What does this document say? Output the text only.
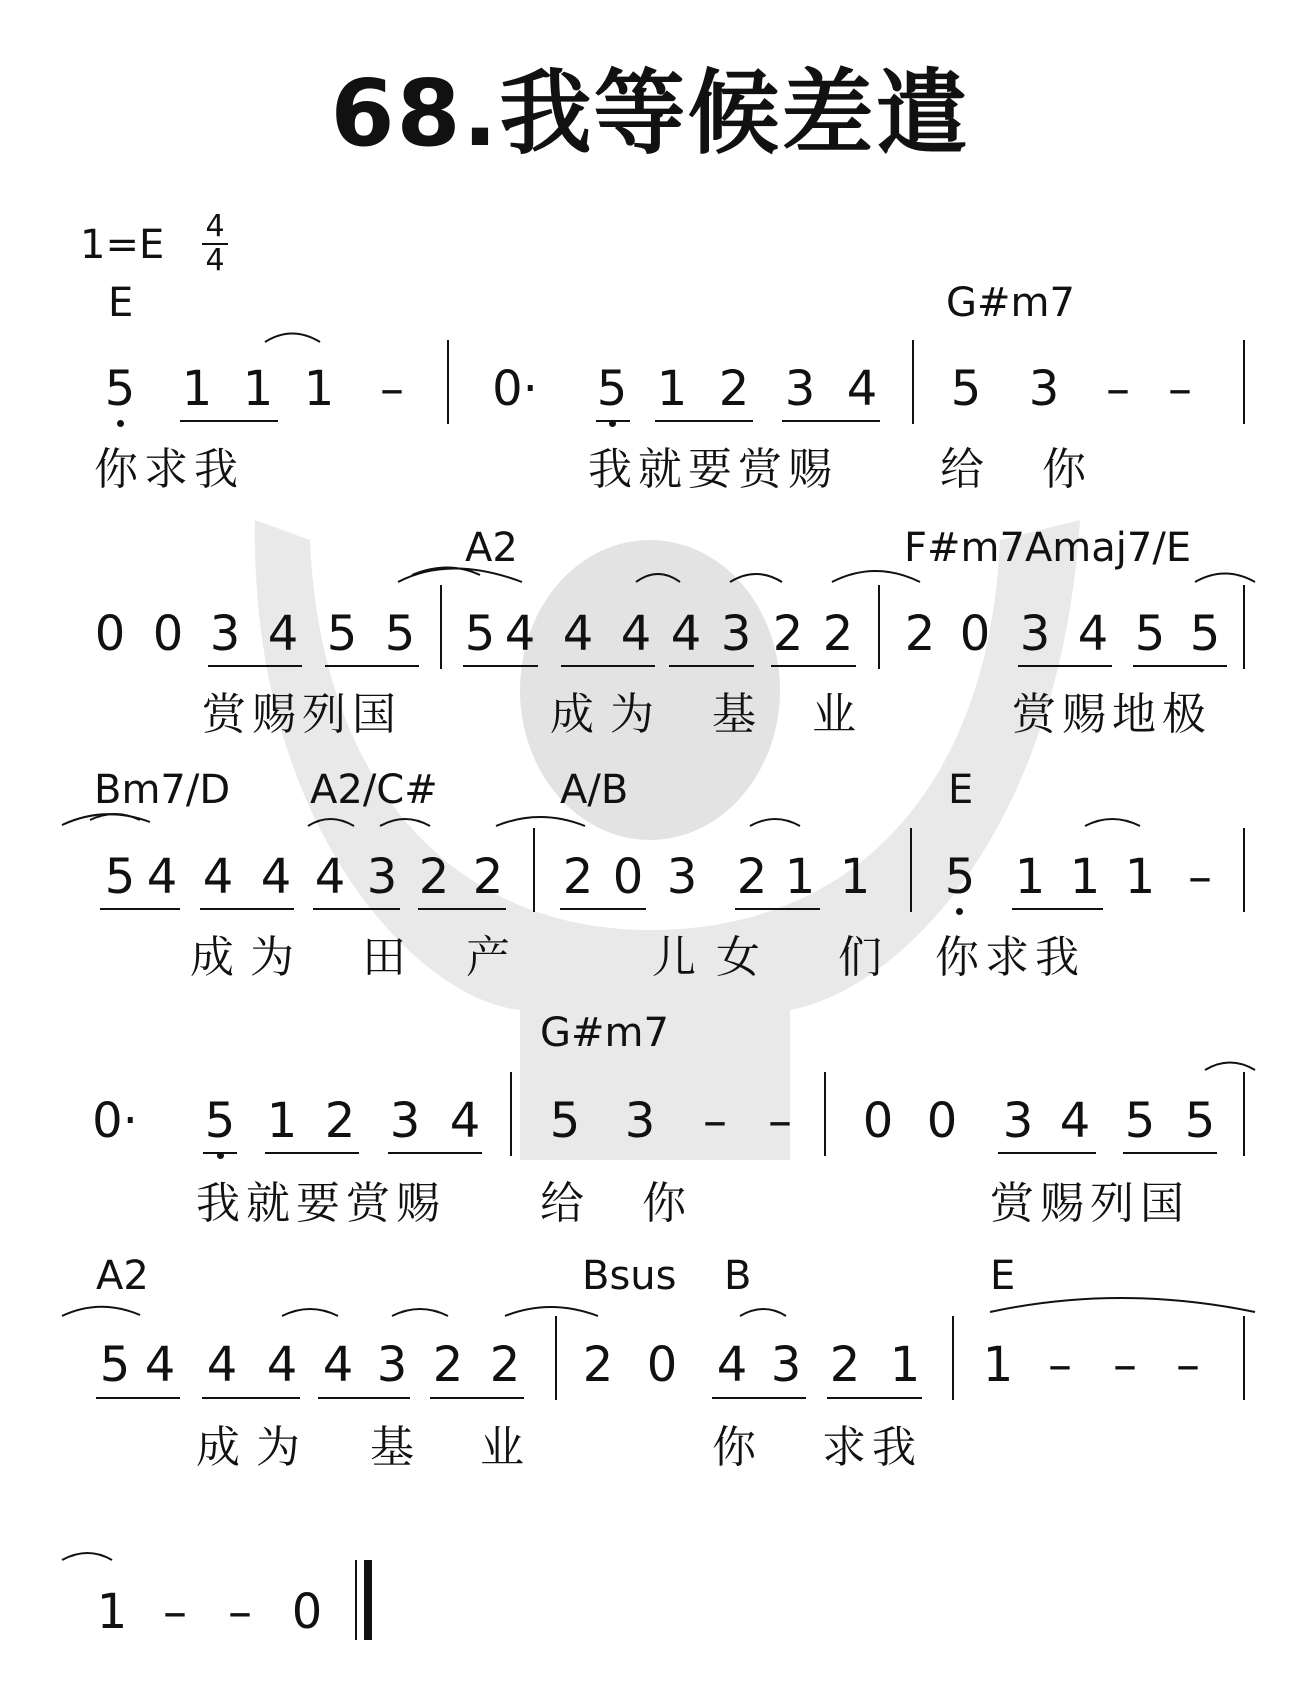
68.我等候差遣
1=E 4
4
E	G#m7
A2	F#m7Amaj7/E
Bm7/D A2/C#	A/B	E
G#m7
A2	Bsus B	E
5 1 1 1 – 0· 5 1 2 3 4 5 3 – –
0 0 3 4 5 5 5 4 4 4 4 3 2 2 2 0 3 4 5 5
5 4 4 4 4 3 2 2 2 0 3 2 1 1 5 1 1 1 –
0· 5 1 2 3 4 5 3 – – 0 0 3 4 5 5
5 4 4 4 4 3 2 2 2 0 4 3 2 1 1 – – –
1 – – 0
你求我	我就要赏赐 给 你
赏赐列国	成为 基 业	赏赐地极
成为 田 产	儿女 们 你求我
我就要赏赐 给 你	赏赐列国
成为 基 业	你 求我
